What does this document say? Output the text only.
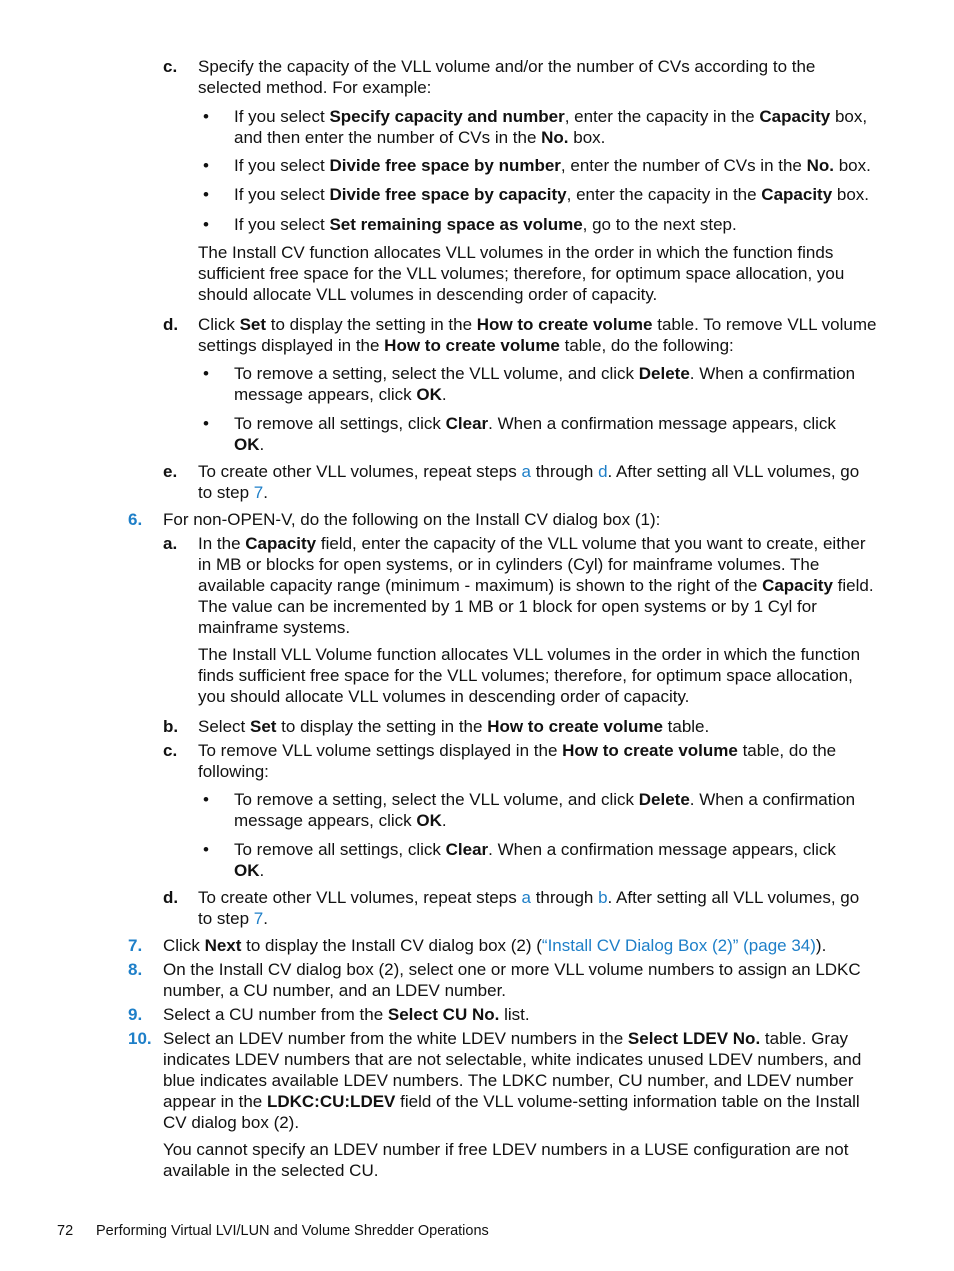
c. Specify the capacity of the VLL volume and/or the number of CVs according to the selected method. For example:

• If you select Specify capacity and number, enter the capacity in the Capacity box, and then enter the number of CVs in the No. box.

• If you select Divide free space by number, enter the number of CVs in the No. box.

• If you select Divide free space by capacity, enter the capacity in the Capacity box.

• If you select Set remaining space as volume, go to the next step.

The Install CV function allocates VLL volumes in the order in which the function finds sufficient free space for the VLL volumes; therefore, for optimum space allocation, you should allocate VLL volumes in descending order of capacity.

d. Click Set to display the setting in the How to create volume table. To remove VLL volume settings displayed in the How to create volume table, do the following:

• To remove a setting, select the VLL volume, and click Delete. When a confirmation message appears, click OK.

• To remove all settings, click Clear. When a confirmation message appears, click OK.

e. To create other VLL volumes, repeat steps a through d. After setting all VLL volumes, go to step 7.

6. For non-OPEN-V, do the following on the Install CV dialog box (1):

a. In the Capacity field, enter the capacity of the VLL volume that you want to create, either in MB or blocks for open systems, or in cylinders (Cyl) for mainframe volumes. The available capacity range (minimum - maximum) is shown to the right of the Capacity field. The value can be incremented by 1 MB or 1 block for open systems or by 1 Cyl for mainframe systems.

The Install VLL Volume function allocates VLL volumes in the order in which the function finds sufficient free space for the VLL volumes; therefore, for optimum space allocation, you should allocate VLL volumes in descending order of capacity.

b. Select Set to display the setting in the How to create volume table.

c. To remove VLL volume settings displayed in the How to create volume table, do the following:

• To remove a setting, select the VLL volume, and click Delete. When a confirmation message appears, click OK.

• To remove all settings, click Clear. When a confirmation message appears, click OK.

d. To create other VLL volumes, repeat steps a through b. After setting all VLL volumes, go to step 7.

7. Click Next to display the Install CV dialog box (2) (“Install CV Dialog Box (2)” (page 34)).

8. On the Install CV dialog box (2), select one or more VLL volume numbers to assign an LDKC number, a CU number, and an LDEV number.

9. Select a CU number from the Select CU No. list.

10. Select an LDEV number from the white LDEV numbers in the Select LDEV No. table. Gray indicates LDEV numbers that are not selectable, white indicates unused LDEV numbers, and blue indicates available LDEV numbers. The LDKC number, CU number, and LDEV number appear in the LDKC:CU:LDEV field of the VLL volume-setting information table on the Install CV dialog box (2).

You cannot specify an LDEV number if free LDEV numbers in a LUSE configuration are not available in the selected CU.

72 Performing Virtual LVI/LUN and Volume Shredder Operations
